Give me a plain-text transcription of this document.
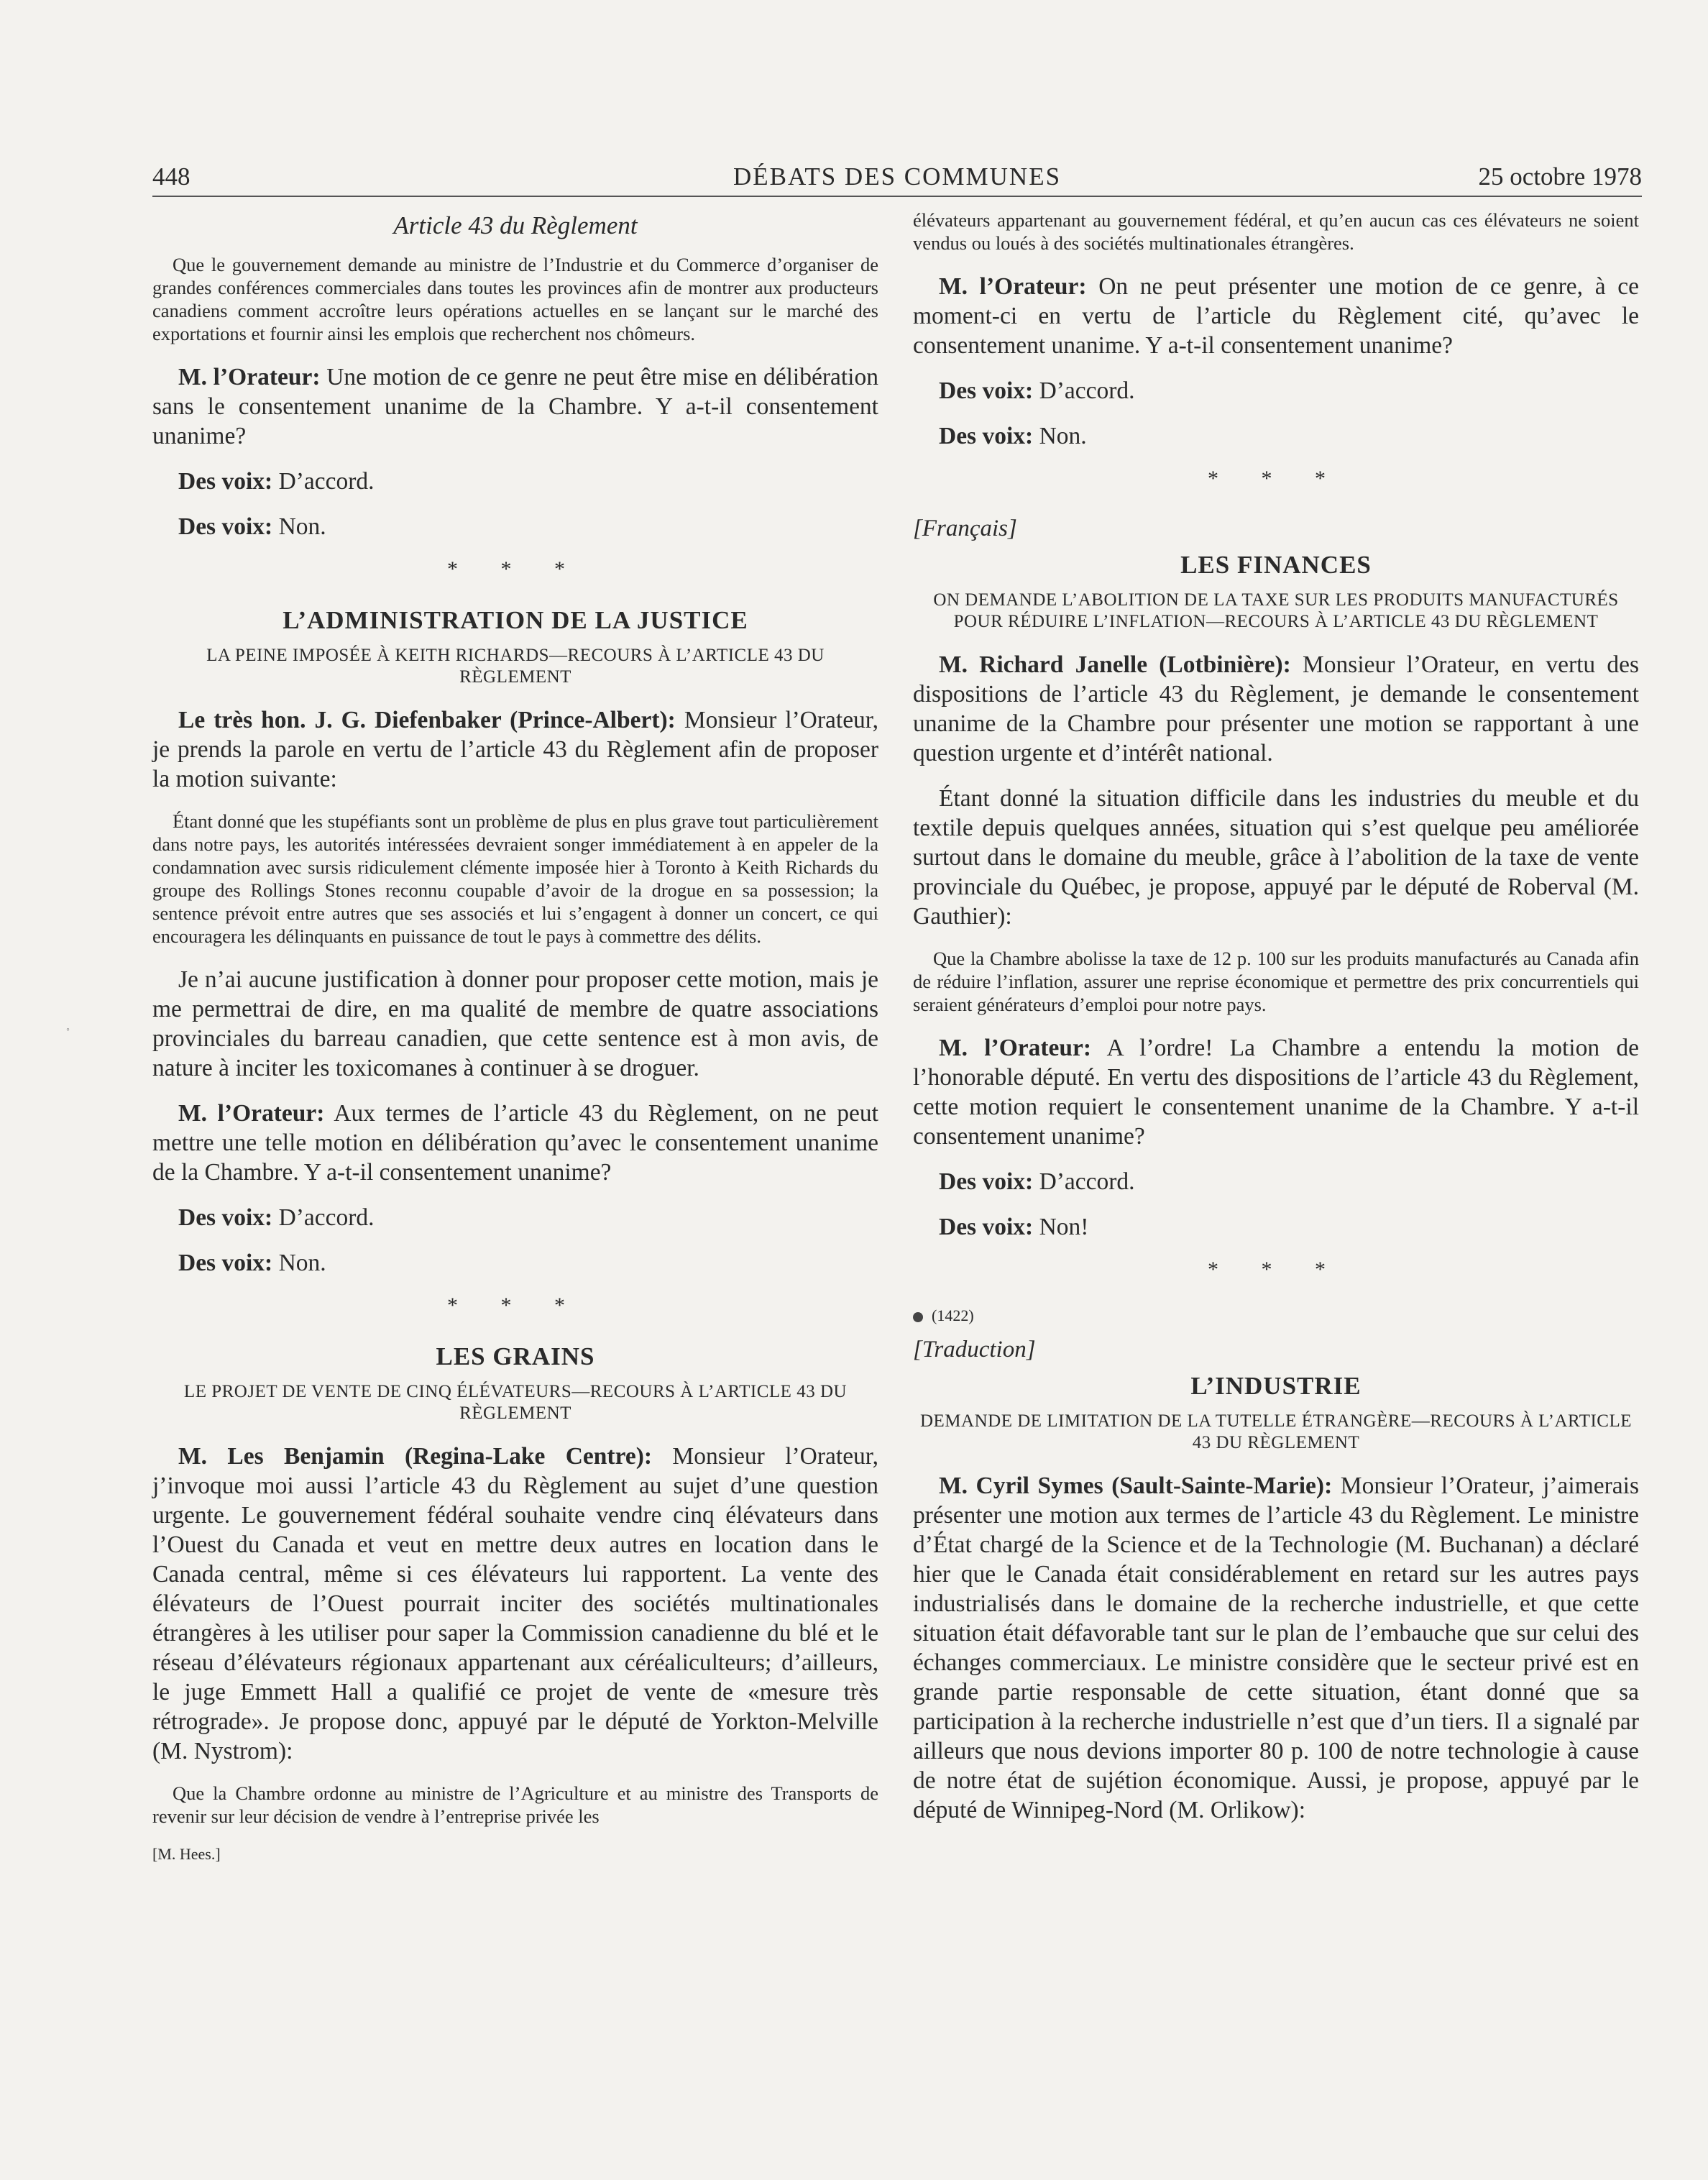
◦
448	DÉBATS DES COMMUNES	25 octobre 1978
Article 43 du Règlement

Que le gouvernement demande au ministre de l’Industrie et du Commerce d’organiser de grandes conférences commerciales dans toutes les provinces afin de montrer aux producteurs canadiens comment accroître leurs opérations actuelles en se lançant sur le marché des exportations et fournir ainsi les emplois que recherchent nos chômeurs.

M. l’Orateur: Une motion de ce genre ne peut être mise en délibération sans le consentement unanime de la Chambre. Y a-t-il consentement unanime?

Des voix: D’accord.

Des voix: Non.

* * *
L’ADMINISTRATION DE LA JUSTICE
LA PEINE IMPOSÉE À KEITH RICHARDS—RECOURS À L’ARTICLE 43 DU RÈGLEMENT

Le très hon. J. G. Diefenbaker (Prince-Albert): Monsieur l’Orateur, je prends la parole en vertu de l’article 43 du Règlement afin de proposer la motion suivante:

Étant donné que les stupéfiants sont un problème de plus en plus grave tout particulièrement dans notre pays, les autorités intéressées devraient songer immédiatement à en appeler de la condamnation avec sursis ridiculement clémente imposée hier à Toronto à Keith Richards du groupe des Rollings Stones reconnu coupable d’avoir de la drogue en sa possession; la sentence prévoit entre autres que ses associés et lui s’engagent à donner un concert, ce qui encouragera les délinquants en puissance de tout le pays à commettre des délits.

Je n’ai aucune justification à donner pour proposer cette motion, mais je me permettrai de dire, en ma qualité de membre de quatre associations provinciales du barreau canadien, que cette sentence est à mon avis, de nature à inciter les toxicomanes à continuer à se droguer.

M. l’Orateur: Aux termes de l’article 43 du Règlement, on ne peut mettre une telle motion en délibération qu’avec le consentement unanime de la Chambre. Y a-t-il consentement unanime?

Des voix: D’accord.

Des voix: Non.

* * *
LES GRAINS
LE PROJET DE VENTE DE CINQ ÉLÉVATEURS—RECOURS À L’ARTICLE 43 DU RÈGLEMENT

M. Les Benjamin (Regina-Lake Centre): Monsieur l’Orateur, j’invoque moi aussi l’article 43 du Règlement au sujet d’une question urgente. Le gouvernement fédéral souhaite vendre cinq élévateurs dans l’Ouest du Canada et veut en mettre deux autres en location dans le Canada central, même si ces élévateurs lui rapportent. La vente des élévateurs de l’Ouest pourrait inciter des sociétés multinationales étrangères à les utiliser pour saper la Commission canadienne du blé et le réseau d’élévateurs régionaux appartenant aux céréaliculteurs; d’ailleurs, le juge Emmett Hall a qualifié ce projet de vente de «mesure très rétrograde». Je propose donc, appuyé par le député de Yorkton-Melville (M. Nystrom):

Que la Chambre ordonne au ministre de l’Agriculture et au ministre des Transports de revenir sur leur décision de vendre à l’entreprise privée les

[M. Hees.]

élévateurs appartenant au gouvernement fédéral, et qu’en aucun cas ces élévateurs ne soient vendus ou loués à des sociétés multinationales étrangères.

M. l’Orateur: On ne peut présenter une motion de ce genre, à ce moment-ci en vertu de l’article du Règlement cité, qu’avec le consentement unanime. Y a-t-il consentement unanime?

Des voix: D’accord.

Des voix: Non.

* * *
[Français]
LES FINANCES
ON DEMANDE L’ABOLITION DE LA TAXE SUR LES PRODUITS MANUFACTURÉS POUR RÉDUIRE L’INFLATION—RECOURS À L’ARTICLE 43 DU RÈGLEMENT

M. Richard Janelle (Lotbinière): Monsieur l’Orateur, en vertu des dispositions de l’article 43 du Règlement, je demande le consentement unanime de la Chambre pour présenter une motion se rapportant à une question urgente et d’intérêt national.

Étant donné la situation difficile dans les industries du meuble et du textile depuis quelques années, situation qui s’est quelque peu améliorée surtout dans le domaine du meuble, grâce à l’abolition de la taxe de vente provinciale du Québec, je propose, appuyé par le député de Roberval (M. Gauthier):

Que la Chambre abolisse la taxe de 12 p. 100 sur les produits manufacturés au Canada afin de réduire l’inflation, assurer une reprise économique et permettre des prix concurrentiels qui seraient générateurs d’emploi pour notre pays.

M. l’Orateur: A l’ordre! La Chambre a entendu la motion de l’honorable député. En vertu des dispositions de l’article 43 du Règlement, cette motion requiert le consentement unanime de la Chambre. Y a-t-il consentement unanime?

Des voix: D’accord.

Des voix: Non!

* * *
(1422)
[Traduction]
L’INDUSTRIE
DEMANDE DE LIMITATION DE LA TUTELLE ÉTRANGÈRE—RECOURS À L’ARTICLE 43 DU RÈGLEMENT

M. Cyril Symes (Sault-Sainte-Marie): Monsieur l’Orateur, j’aimerais présenter une motion aux termes de l’article 43 du Règlement. Le ministre d’État chargé de la Science et de la Technologie (M. Buchanan) a déclaré hier que le Canada était considérablement en retard sur les autres pays industrialisés dans le domaine de la recherche industrielle, et que cette situation était défavorable tant sur le plan de l’embauche que sur celui des échanges commerciaux. Le ministre considère que le secteur privé est en grande partie responsable de cette situation, étant donné que sa participation à la recherche industrielle n’est que d’un tiers. Il a signalé par ailleurs que nous devions importer 80 p. 100 de notre technologie à cause de notre état de sujétion économique. Aussi, je propose, appuyé par le député de Winnipeg-Nord (M. Orlikow):
